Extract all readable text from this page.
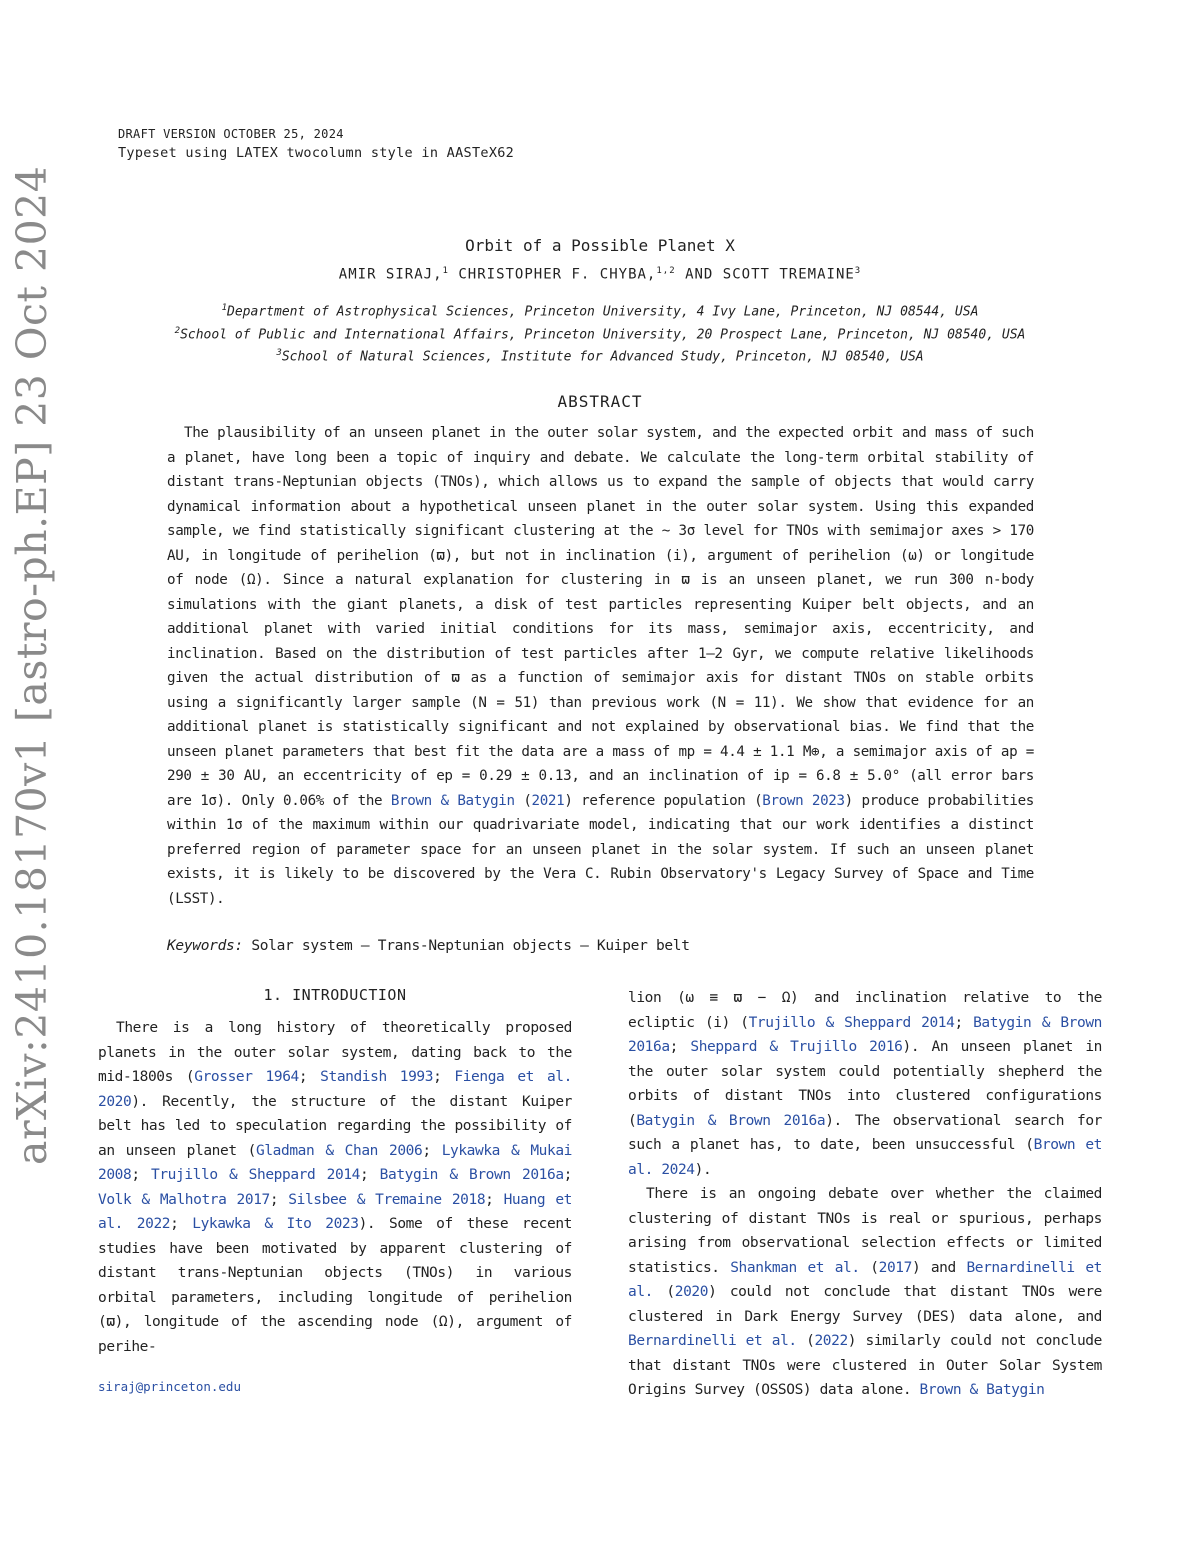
DRAFT VERSION OCTOBER 25, 2024
Typeset using LATEX twocolumn style in AASTeX62
arXiv:2410.18170v1 [astro-ph.EP] 23 Oct 2024	Orbit of a Possible Planet X
AMIR SIRAJ,$^1$ CHRISTOPHER F. CHYBA,$^{1,2}$ AND SCOTT TREMAINE$^3$
$^1$Department of Astrophysical Sciences, Princeton University, 4 Ivy Lane, Princeton, NJ 08544, USA
$^2$School of Public and International Affairs, Princeton University, 20 Prospect Lane, Princeton, NJ 08540, USA
$^3$School of Natural Sciences, Institute for Advanced Study, Princeton, NJ 08540, USA
ABSTRACT

The plausibility of an unseen planet in the outer solar system, and the expected orbit and mass of such a planet, have long been a topic of inquiry and debate. We calculate the long-term orbital stability of distant trans-Neptunian objects (TNOs), which allows us to expand the sample of objects that would carry dynamical information about a hypothetical unseen planet in the outer solar system. Using this expanded sample, we find statistically significant clustering at the ~ 3σ level for TNOs with semimajor axes > 170 AU, in longitude of perihelion (ϖ), but not in inclination (i), argument of perihelion (ω) or longitude of node (Ω). Since a natural explanation for clustering in ϖ is an unseen planet, we run 300 n-body simulations with the giant planets, a disk of test particles representing Kuiper belt objects, and an additional planet with varied initial conditions for its mass, semimajor axis, eccentricity, and inclination. Based on the distribution of test particles after 1–2 Gyr, we compute relative likelihoods given the actual distribution of ϖ as a function of semimajor axis for distant TNOs on stable orbits using a significantly larger sample (N = 51) than previous work (N = 11). We show that evidence for an additional planet is statistically significant and not explained by observational bias. We find that the unseen planet parameters that best fit the data are a mass of mp = 4.4 ± 1.1 M⊕, a semimajor axis of ap = 290 ± 30 AU, an eccentricity of ep = 0.29 ± 0.13, and an inclination of ip = 6.8 ± 5.0° (all error bars are 1σ). Only 0.06% of the Brown & Batygin (2021) reference population (Brown 2023) produce probabilities within 1σ of the maximum within our quadrivariate model, indicating that our work identifies a distinct preferred region of parameter space for an unseen planet in the solar system. If such an unseen planet exists, it is likely to be discovered by the Vera C. Rubin Observatory's Legacy Survey of Space and Time (LSST).

Keywords: Solar system – Trans-Neptunian objects – Kuiper belt
1. INTRODUCTION

There is a long history of theoretically proposed planets in the outer solar system, dating back to the mid-1800s (Grosser 1964; Standish 1993; Fienga et al. 2020). Recently, the structure of the distant Kuiper belt has led to speculation regarding the possibility of an unseen planet (Gladman & Chan 2006; Lykawka & Mukai 2008; Trujillo & Sheppard 2014; Batygin & Brown 2016a; Volk & Malhotra 2017; Silsbee & Tremaine 2018; Huang et al. 2022; Lykawka & Ito 2023). Some of these recent studies have been motivated by apparent clustering of distant trans-Neptunian objects (TNOs) in various orbital parameters, including longitude of perihelion (ϖ), longitude of the ascending node (Ω), argument of perihe-

siraj@princeton.edu

lion (ω ≡ ϖ − Ω) and inclination relative to the ecliptic (i) (Trujillo & Sheppard 2014; Batygin & Brown 2016a; Sheppard & Trujillo 2016). An unseen planet in the outer solar system could potentially shepherd the orbits of distant TNOs into clustered configurations (Batygin & Brown 2016a). The observational search for such a planet has, to date, been unsuccessful (Brown et al. 2024).

There is an ongoing debate over whether the claimed clustering of distant TNOs is real or spurious, perhaps arising from observational selection effects or limited statistics. Shankman et al. (2017) and Bernardinelli et al. (2020) could not conclude that distant TNOs were clustered in Dark Energy Survey (DES) data alone, and Bernardinelli et al. (2022) similarly could not conclude that distant TNOs were clustered in Outer Solar System Origins Survey (OSSOS) data alone. Brown & Batygin
